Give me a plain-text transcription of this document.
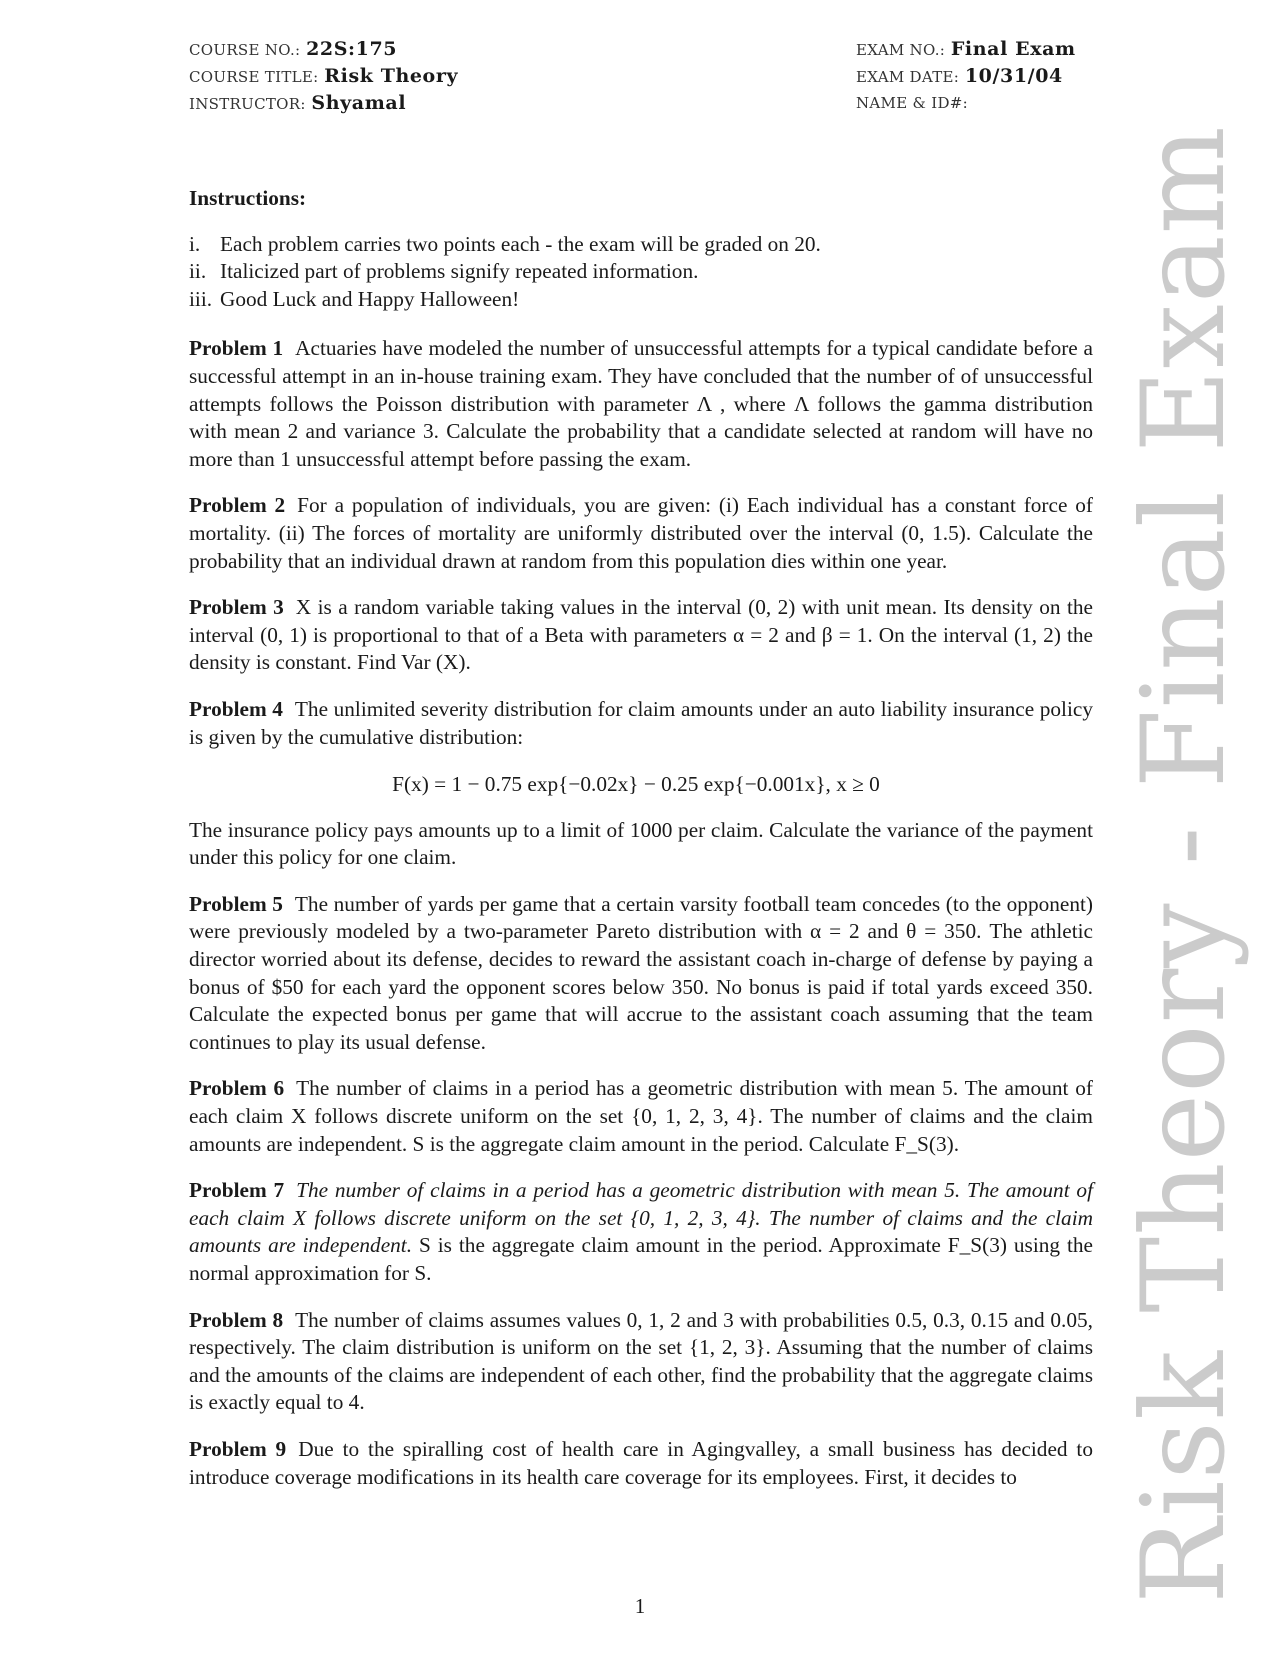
COURSE NO.: 22S:175
COURSE TITLE: Risk Theory
INSTRUCTOR: Shyamal
EXAM NO.: Final Exam
EXAM DATE: 10/31/04
NAME & ID#:
Risk Theory - Final Exam
Instructions:
i. Each problem carries two points each - the exam will be graded on 20.
ii. Italicized part of problems signify repeated information.
iii. Good Luck and Happy Halloween!
Problem 1 Actuaries have modeled the number of unsuccessful attempts for a typical candidate before a successful attempt in an in-house training exam. They have concluded that the number of of unsuccessful attempts follows the Poisson distribution with parameter Λ , where Λ follows the gamma distribution with mean 2 and variance 3. Calculate the probability that a candidate selected at random will have no more than 1 unsuccessful attempt before passing the exam.
Problem 2 For a population of individuals, you are given: (i) Each individual has a constant force of mortality. (ii) The forces of mortality are uniformly distributed over the interval (0, 1.5). Calculate the probability that an individual drawn at random from this population dies within one year.
Problem 3 X is a random variable taking values in the interval (0, 2) with unit mean. Its density on the interval (0, 1) is proportional to that of a Beta with parameters α = 2 and β = 1. On the interval (1, 2) the density is constant. Find Var (X).
Problem 4 The unlimited severity distribution for claim amounts under an auto liability insurance policy is given by the cumulative distribution:
F(x) = 1 − 0.75 exp{−0.02x} − 0.25 exp{−0.001x}, x ≥ 0
The insurance policy pays amounts up to a limit of 1000 per claim. Calculate the variance of the payment under this policy for one claim.
Problem 5 The number of yards per game that a certain varsity football team concedes (to the opponent) were previously modeled by a two-parameter Pareto distribution with α = 2 and θ = 350. The athletic director worried about its defense, decides to reward the assistant coach in-charge of defense by paying a bonus of $50 for each yard the opponent scores below 350. No bonus is paid if total yards exceed 350. Calculate the expected bonus per game that will accrue to the assistant coach assuming that the team continues to play its usual defense.
Problem 6 The number of claims in a period has a geometric distribution with mean 5. The amount of each claim X follows discrete uniform on the set {0, 1, 2, 3, 4}. The number of claims and the claim amounts are independent. S is the aggregate claim amount in the period. Calculate F_S(3).
Problem 7 The number of claims in a period has a geometric distribution with mean 5. The amount of each claim X follows discrete uniform on the set {0, 1, 2, 3, 4}. The number of claims and the claim amounts are independent. S is the aggregate claim amount in the period. Approximate F_S(3) using the normal approximation for S.
Problem 8 The number of claims assumes values 0, 1, 2 and 3 with probabilities 0.5, 0.3, 0.15 and 0.05, respectively. The claim distribution is uniform on the set {1, 2, 3}. Assuming that the number of claims and the amounts of the claims are independent of each other, find the probability that the aggregate claims is exactly equal to 4.
Problem 9 Due to the spiralling cost of health care in Agingvalley, a small business has decided to introduce coverage modifications in its health care coverage for its employees. First, it decides to
1
